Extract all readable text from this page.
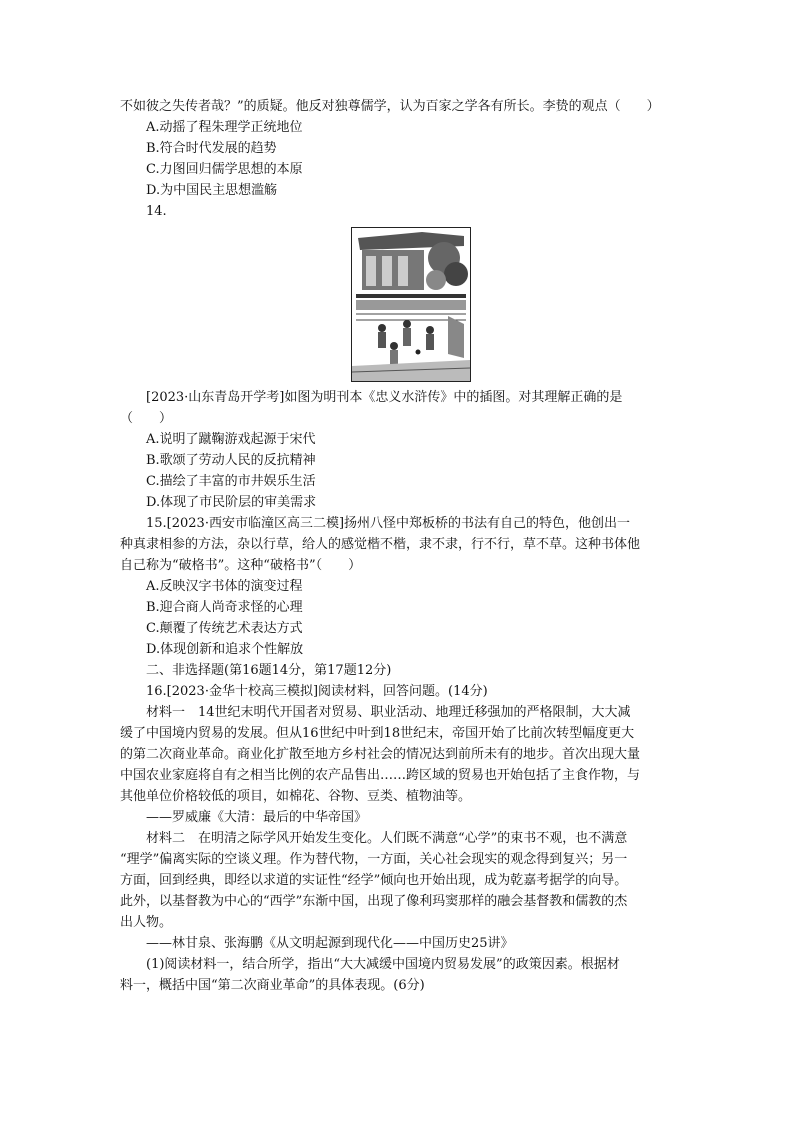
不如彼之失传者哉？”的质疑。他反对独尊儒学，认为百家之学各有所长。李贽的观点（　　）
A.动摇了程朱理学正统地位
B.符合时代发展的趋势
C.力图回归儒学思想的本原
D.为中国民主思想滥觞
14.
[2023·山东青岛开学考]如图为明刊本《忠义水浒传》中的插图。对其理解正确的是
（　　）
A.说明了蹴鞠游戏起源于宋代
B.歌颂了劳动人民的反抗精神
C.描绘了丰富的市井娱乐生活
D.体现了市民阶层的审美需求
15.[2023·西安市临潼区高三二模]扬州八怪中郑板桥的书法有自己的特色，他创出一
种真隶相参的方法，杂以行草，给人的感觉楷不楷，隶不隶，行不行，草不草。这种书体他
自己称为“破格书”。这种“破格书”（　　）
A.反映汉字书体的演变过程
B.迎合商人尚奇求怪的心理
C.颠覆了传统艺术表达方式
D.体现创新和追求个性解放
二、非选择题(第16题14分，第17题12分)
16.[2023·金华十校高三模拟]阅读材料，回答问题。(14分)
材料一　14世纪末明代开国者对贸易、职业活动、地理迁移强加的严格限制，大大减
缓了中国境内贸易的发展。但从16世纪中叶到18世纪末，帝国开始了比前次转型幅度更大
的第二次商业革命。商业化扩散至地方乡村社会的情况达到前所未有的地步。首次出现大量
中国农业家庭将自有之相当比例的农产品售出……跨区域的贸易也开始包括了主食作物，与
其他单位价格较低的项目，如棉花、谷物、豆类、植物油等。
——罗威廉《大清：最后的中华帝国》
材料二　在明清之际学风开始发生变化。人们既不满意“心学”的束书不观，也不满意
“理学”偏离实际的空谈义理。作为替代物，一方面，关心社会现实的观念得到复兴；另一
方面，回到经典，即经以求道的实证性“经学”倾向也开始出现，成为乾嘉考据学的向导。
此外，以基督教为中心的“西学”东渐中国，出现了像利玛窦那样的融会基督教和儒教的杰
出人物。
——林甘泉、张海鹏《从文明起源到现代化——中国历史25讲》
(1)阅读材料一，结合所学，指出“大大减缓中国境内贸易发展”的政策因素。根据材
料一，概括中国“第二次商业革命”的具体表现。(6分)
